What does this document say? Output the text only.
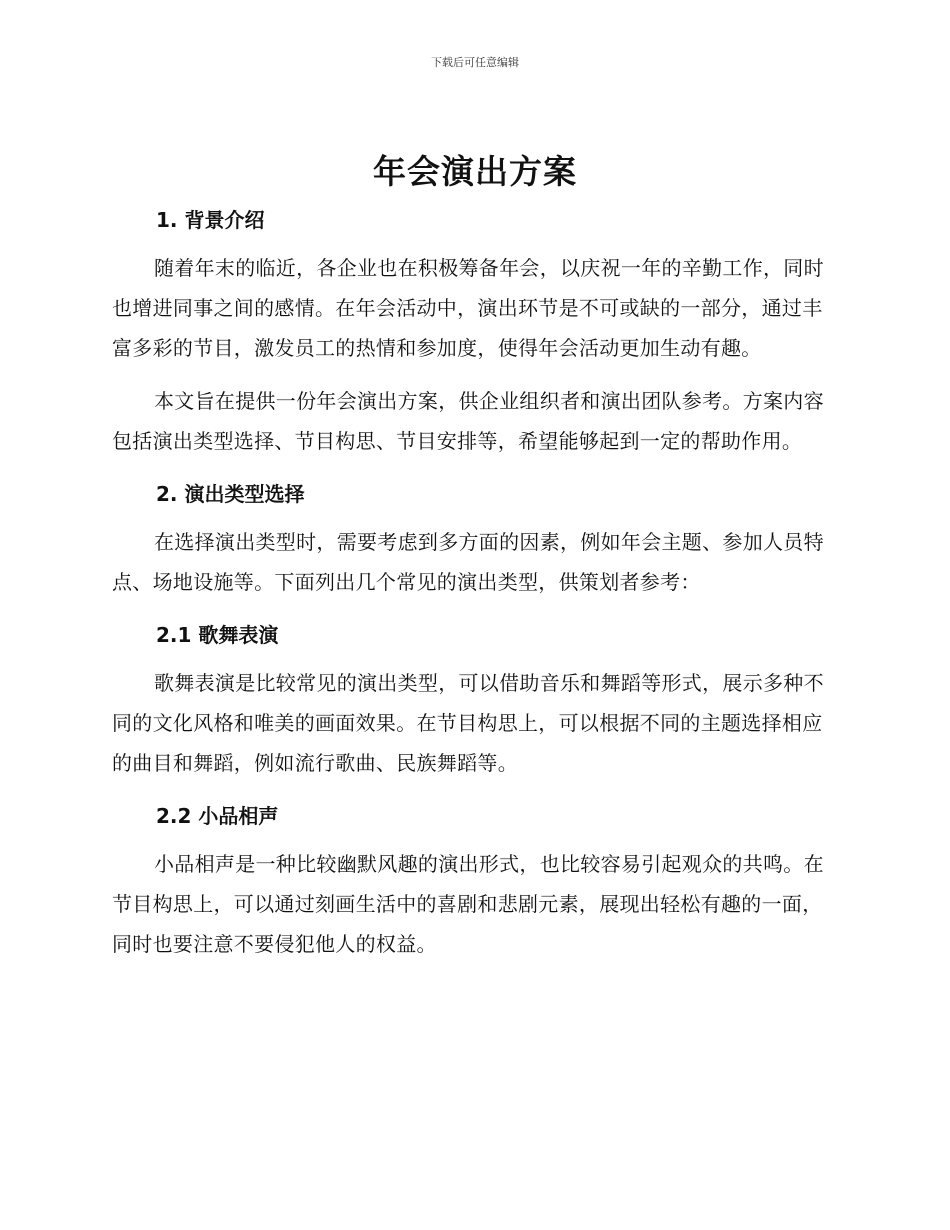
下载后可任意编辑
年会演出方案
1. 背景介绍

随着年末的临近，各企业也在积极筹备年会，以庆祝一年的辛勤工作，同时也增进同事之间的感情。在年会活动中，演出环节是不可或缺的一部分，通过丰富多彩的节目，激发员工的热情和参加度，使得年会活动更加生动有趣。

本文旨在提供一份年会演出方案，供企业组织者和演出团队参考。方案内容包括演出类型选择、节目构思、节目安排等，希望能够起到一定的帮助作用。

2. 演出类型选择

在选择演出类型时，需要考虑到多方面的因素，例如年会主题、参加人员特点、场地设施等。下面列出几个常见的演出类型，供策划者参考：

2.1 歌舞表演

歌舞表演是比较常见的演出类型，可以借助音乐和舞蹈等形式，展示多种不同的文化风格和唯美的画面效果。在节目构思上，可以根据不同的主题选择相应的曲目和舞蹈，例如流行歌曲、民族舞蹈等。

2.2 小品相声

小品相声是一种比较幽默风趣的演出形式，也比较容易引起观众的共鸣。在节目构思上，可以通过刻画生活中的喜剧和悲剧元素，展现出轻松有趣的一面，同时也要注意不要侵犯他人的权益。
